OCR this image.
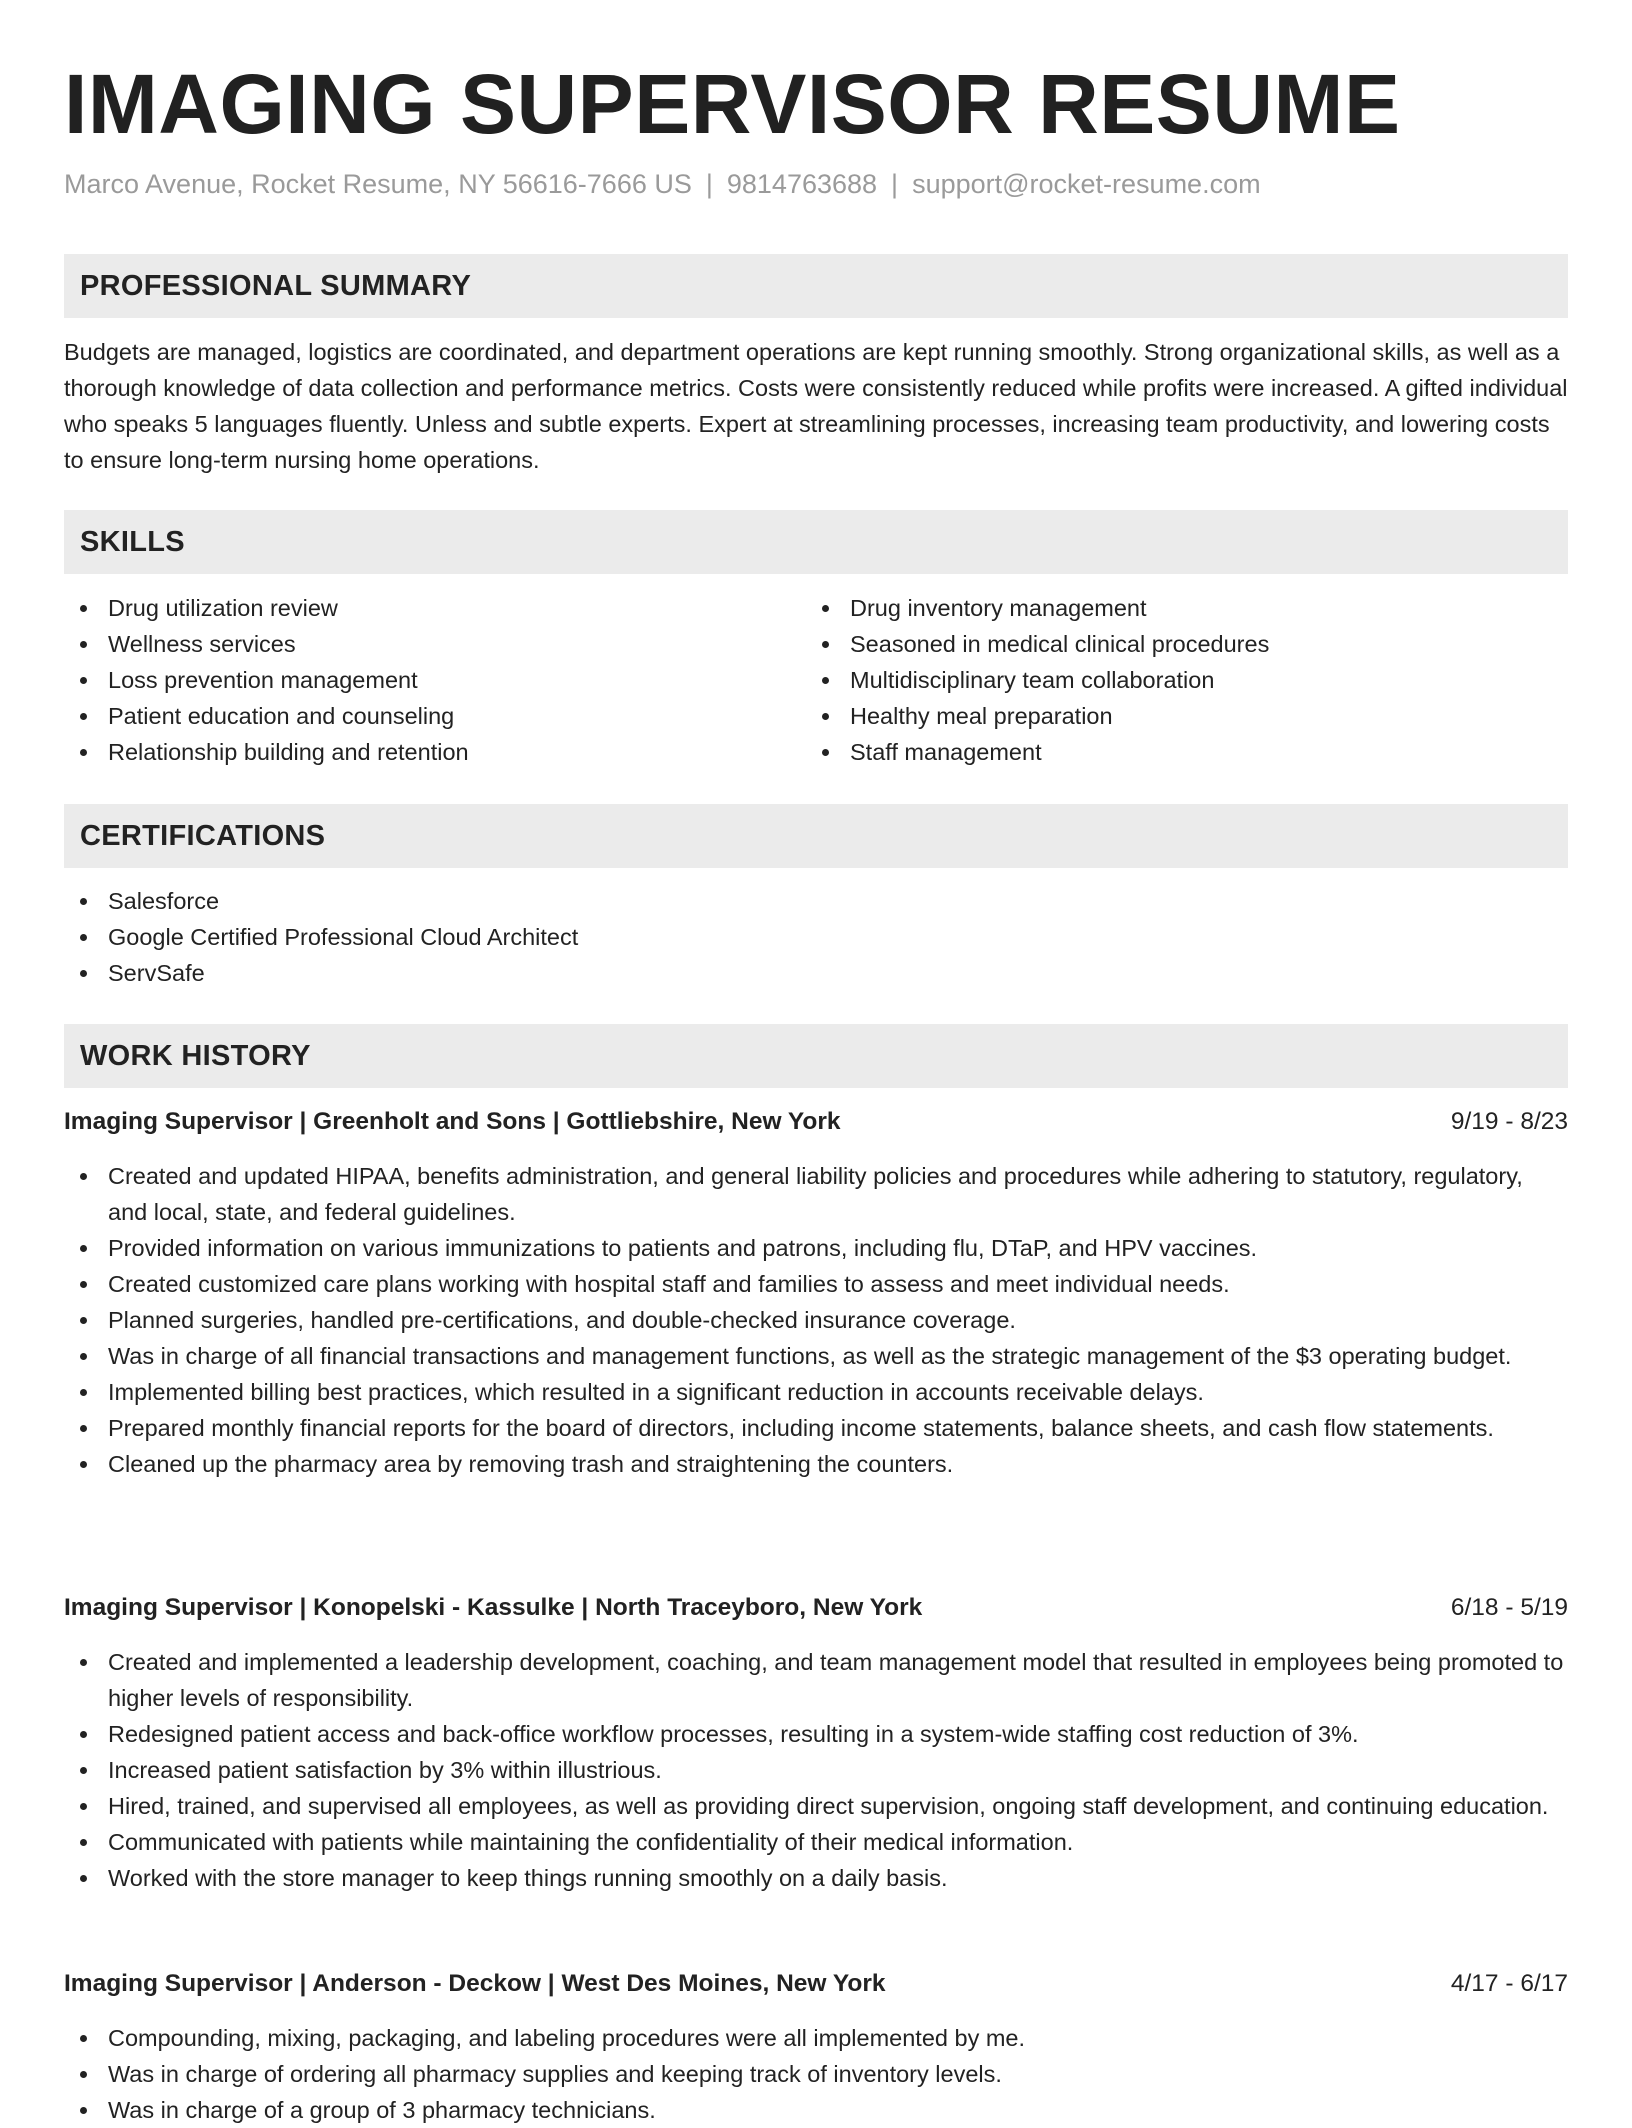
IMAGING SUPERVISOR RESUME
Marco Avenue, Rocket Resume, NY 56616-7666 US | 9814763688 | support@rocket-resume.com
PROFESSIONAL SUMMARY
Budgets are managed, logistics are coordinated, and department operations are kept running smoothly. Strong organizational skills, as well as a thorough knowledge of data collection and performance metrics. Costs were consistently reduced while profits were increased. A gifted individual who speaks 5 languages fluently. Unless and subtle experts. Expert at streamlining processes, increasing team productivity, and lowering costs to ensure long-term nursing home operations.
SKILLS
Drug utilization review
Wellness services
Loss prevention management
Patient education and counseling
Relationship building and retention
Drug inventory management
Seasoned in medical clinical procedures
Multidisciplinary team collaboration
Healthy meal preparation
Staff management
CERTIFICATIONS
Salesforce
Google Certified Professional Cloud Architect
ServSafe
WORK HISTORY
Imaging Supervisor | Greenholt and Sons | Gottliebshire, New York	9/19 - 8/23
Created and updated HIPAA, benefits administration, and general liability policies and procedures while adhering to statutory, regulatory, and local, state, and federal guidelines.
Provided information on various immunizations to patients and patrons, including flu, DTaP, and HPV vaccines.
Created customized care plans working with hospital staff and families to assess and meet individual needs.
Planned surgeries, handled pre-certifications, and double-checked insurance coverage.
Was in charge of all financial transactions and management functions, as well as the strategic management of the $3 operating budget.
Implemented billing best practices, which resulted in a significant reduction in accounts receivable delays.
Prepared monthly financial reports for the board of directors, including income statements, balance sheets, and cash flow statements.
Cleaned up the pharmacy area by removing trash and straightening the counters.
Imaging Supervisor | Konopelski - Kassulke | North Traceyboro, New York	6/18 - 5/19
Created and implemented a leadership development, coaching, and team management model that resulted in employees being promoted to higher levels of responsibility.
Redesigned patient access and back-office workflow processes, resulting in a system-wide staffing cost reduction of 3%.
Increased patient satisfaction by 3% within illustrious.
Hired, trained, and supervised all employees, as well as providing direct supervision, ongoing staff development, and continuing education.
Communicated with patients while maintaining the confidentiality of their medical information.
Worked with the store manager to keep things running smoothly on a daily basis.
Imaging Supervisor | Anderson - Deckow | West Des Moines, New York	4/17 - 6/17
Compounding, mixing, packaging, and labeling procedures were all implemented by me.
Was in charge of ordering all pharmacy supplies and keeping track of inventory levels.
Was in charge of a group of 3 pharmacy technicians.
